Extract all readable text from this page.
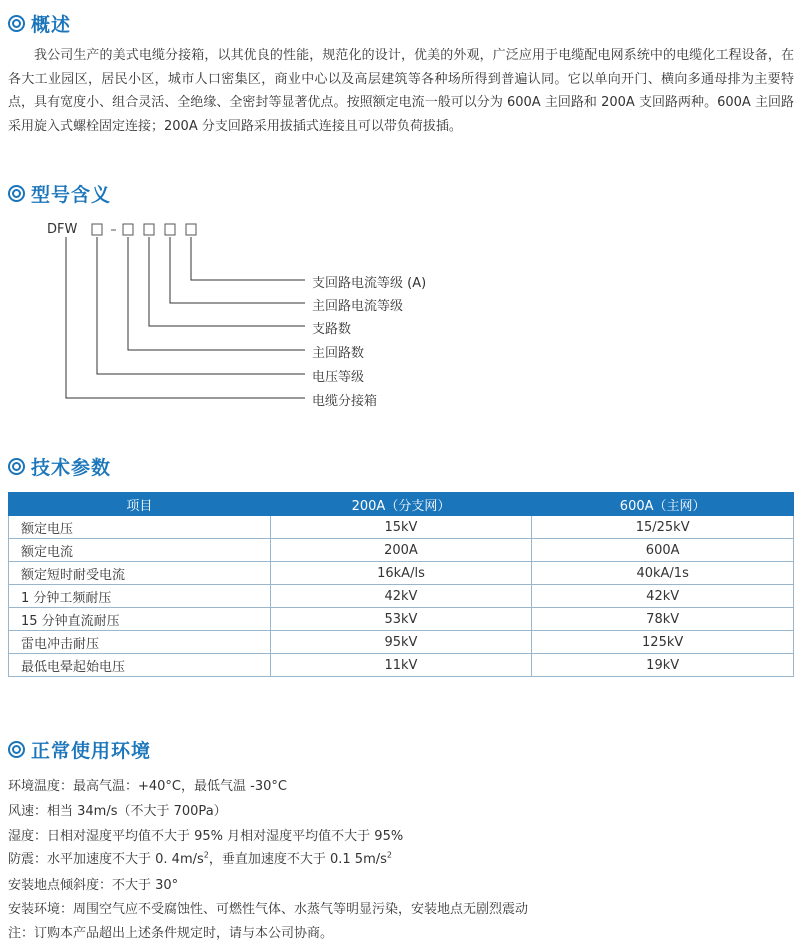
概述
我公司生产的美式电缆分接箱，以其优良的性能，规范化的设计，优美的外观，广泛应用于电缆配电网系统中的电缆化工程设备，在各大工业园区，居民小区，城市人口密集区，商业中心以及高层建筑等各种场所得到普遍认同。它以单向开门、横向多通母排为主要特点，具有宽度小、组合灵活、全绝缘、全密封等显著优点。按照额定电流一般可以分为 600A 主回路和 200A 支回路两种。600A 主回路采用旋入式螺栓固定连接；200A 分支回路采用拔插式连接且可以带负荷拔插。
型号含义
DFW
支回路电流等级 (A)
主回路电流等级
支路数
主回路数
电压等级
电缆分接箱
技术参数
项目	200A（分支网）	600A（主网）
额定电压	15kV	15/25kV
额定电流	200A	600A
额定短时耐受电流	16kA/ls	40kA/1s
1 分钟工频耐压	42kV	42kV
15 分钟直流耐压	53kV	78kV
雷电冲击耐压	95kV	125kV
最低电晕起始电压	11kV	19kV
正常使用环境
环境温度：最高气温：+40°C，最低气温 -30°C
风速：相当 34m/s（不大于 700Pa）
湿度：日相对湿度平均值不大于 95% 月相对湿度平均值不大于 95%
防震：水平加速度不大于 0. $4m/s^2$，垂直加速度不大于 0.1 $5m/s^2$
安装地点倾斜度：不大于 30°
安装环境：周围空气应不受腐蚀性、可燃性气体、水蒸气等明显污染，安装地点无剧烈震动
注：订购本产品超出上述条件规定时，请与本公司协商。
